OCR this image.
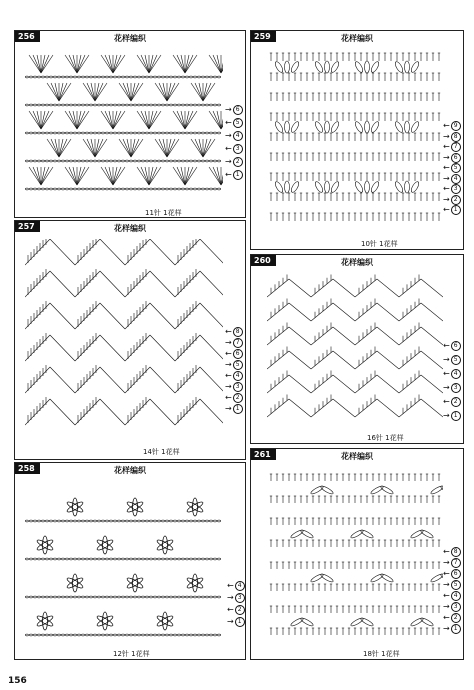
256	花样编织
→ 6
← 5
→ 4
← 3
→ 2
← 1
11针 1花样
257	花样编织
← 8
→ 7
← 6
→ 5
← 4
→ 3
← 2
→ 1
14针 1花样
258	花样编织
← 4
→ 3
← 2
→ 1
12针 1花样
259	花样编织
← 9
→ 8
← 7
→ 6
← 5
→ 4
← 3
→ 2
← 1
10针 1花样
260	花样编织
← 6
→ 5
← 4
→ 3
← 2
→ 1
16针 1花样
261	花样编织
← 8
→ 7
← 6
→ 5
← 4
→ 3
← 2
→ 1
18针 1花样
156
